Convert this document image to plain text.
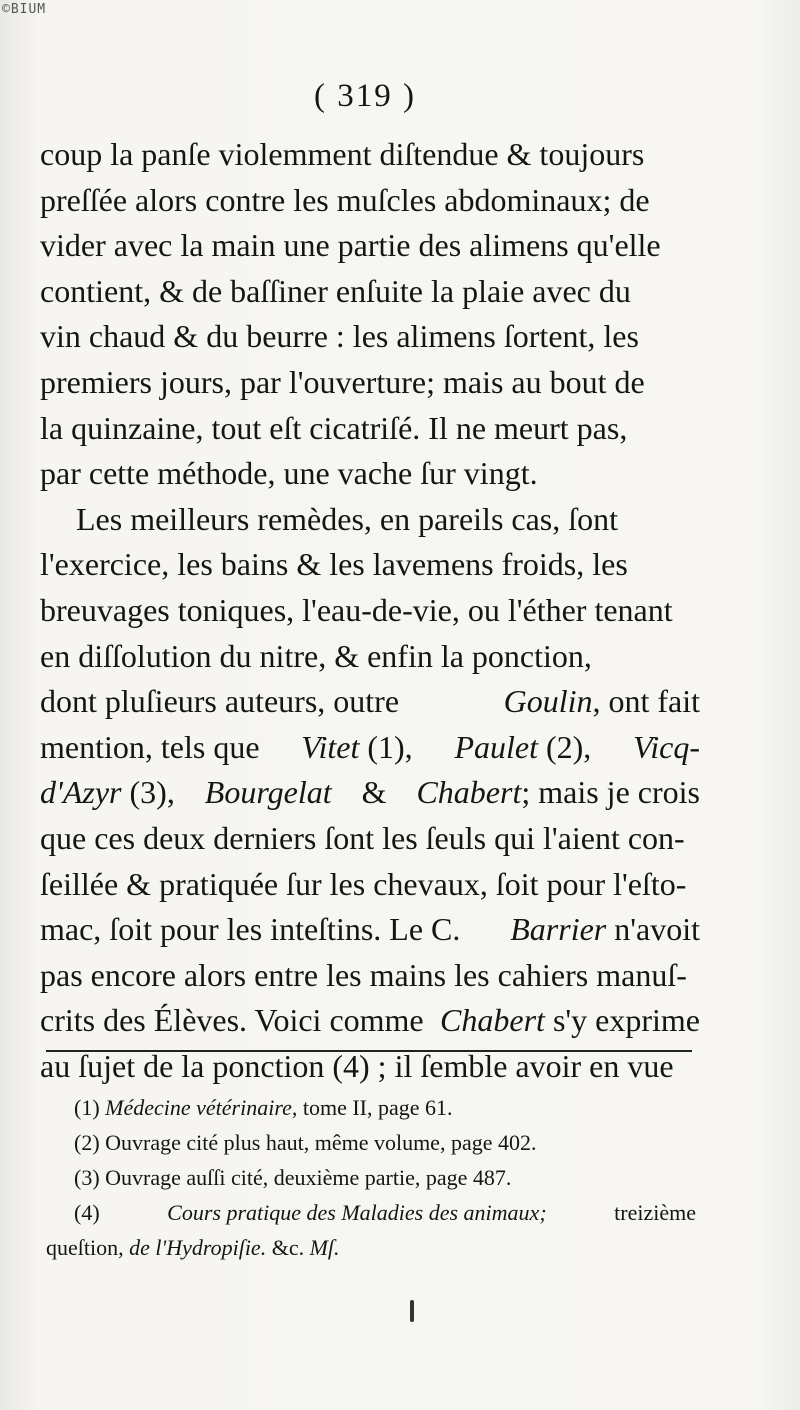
©BIUM
( 319 )
coup la panſe violemment diſtendue & toujours
preſſée alors contre les muſcles abdominaux; de
vider avec la main une partie des alimens qu'elle
contient, & de baſſiner enſuite la plaie avec du
vin chaud & du beurre : les alimens ſortent, les
premiers jours, par l'ouverture; mais au bout de
la quinzaine, tout eſt cicatriſé. Il ne meurt pas,
par cette méthode, une vache ſur vingt.
Les meilleurs remèdes, en pareils cas, ſont
l'exercice, les bains & les lavemens froids, les
breuvages toniques, l'eau-de-vie, ou l'éther tenant
en diſſolution du nitre, & enfin la ponction,
dont pluſieurs auteurs, outre	Goulin, ont fait
mention, tels que Vitet (1), Paulet (2), Vicq-
d'Azyr (3), Bourgelat & Chabert; mais je crois
que ces deux derniers ſont les ſeuls qui l'aient con-
ſeillée & pratiquée ſur les chevaux, ſoit pour l'eſto-
mac, ſoit pour les inteſtins. Le C. Barrier n'avoit
pas encore alors entre les mains les cahiers manuſ-
crits des Élèves. Voici comme Chabert s'y exprime
au ſujet de la ponction (4) ; il ſemble avoir en vue
(1) Médecine vétérinaire, tome II, page 61.
(2) Ouvrage cité plus haut, même volume, page 402.
(3) Ouvrage auſſi cité, deuxième partie, page 487.
(4)	Cours pratique des Maladies des animaux;	treizième
queſtion, de l'Hydropiſie. &c. Mſ.
